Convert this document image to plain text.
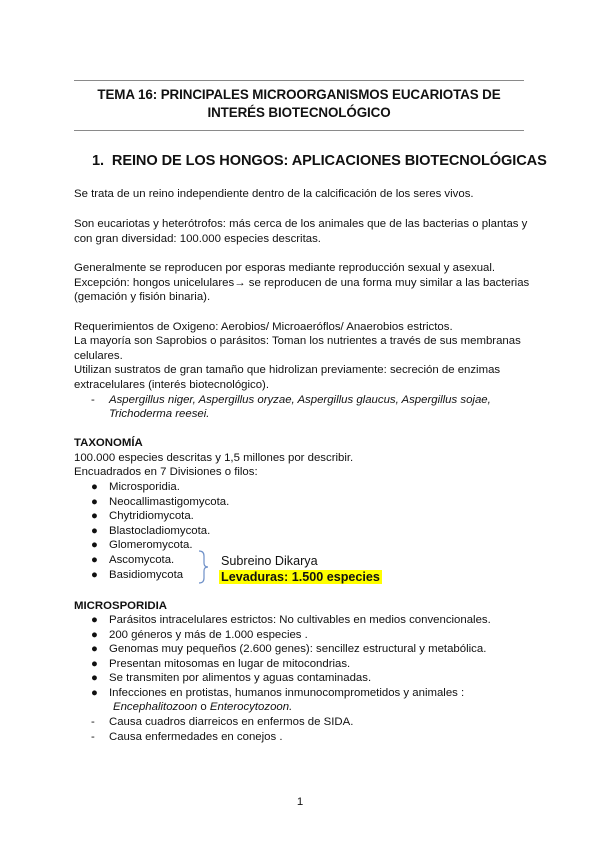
TEMA 16: PRINCIPALES MICROORGANISMOS EUCARIOTAS DE
INTERÉS BIOTECNOLÓGICO
1. REINO DE LOS HONGOS: APLICACIONES BIOTECNOLÓGICAS
Se trata de un reino independiente dentro de la calcificación de los seres vivos.
Son eucariotas y heterótrofos: más cerca de los animales que de las bacterias o plantas y
con gran diversidad: 100.000 especies descritas.
Generalmente se reproducen por esporas mediante reproducción sexual y asexual.
Excepción: hongos unicelulares→ se reproducen de una forma muy similar a las bacterias
(gemación y fisión binaria).
Requerimientos de Oxigeno: Aerobios/ Microaeróflos/ Anaerobios estrictos.
La mayoría son Saprobios o parásitos: Toman los nutrientes a través de sus membranas
celulares.
Utilizan sustratos de gran tamaño que hidrolizan previamente: secreción de enzimas
extracelulares (interés biotecnológico).
- Aspergillus niger, Aspergillus oryzae, Aspergillus glaucus, Aspergillus sojae,
Trichoderma reesei.
TAXONOMÍA
100.000 especies descritas y 1,5 millones por describir.
Encuadrados en 7 Divisiones o filos:
● Microsporidia.
● Neocallimastigomycota.
● Chytridiomycota.
● Blastocladiomycota.
● Glomeromycota.
● Ascomycota.
● Basidiomycota
Subreino Dikarya
Levaduras: 1.500 especies
MICROSPORIDIA
● Parásitos intracelulares estrictos: No cultivables en medios convencionales.
● 200 géneros y más de 1.000 especies .
● Genomas muy pequeños (2.600 genes): sencillez estructural y metabólica.
● Presentan mitosomas en lugar de mitocondrias.
● Se transmiten por alimentos y aguas contaminadas.
● Infecciones en protistas, humanos inmunocomprometidos y animales :
Encephalitozoon o Enterocytozoon.
- Causa cuadros diarreicos en enfermos de SIDA.
- Causa enfermedades en conejos .
1
